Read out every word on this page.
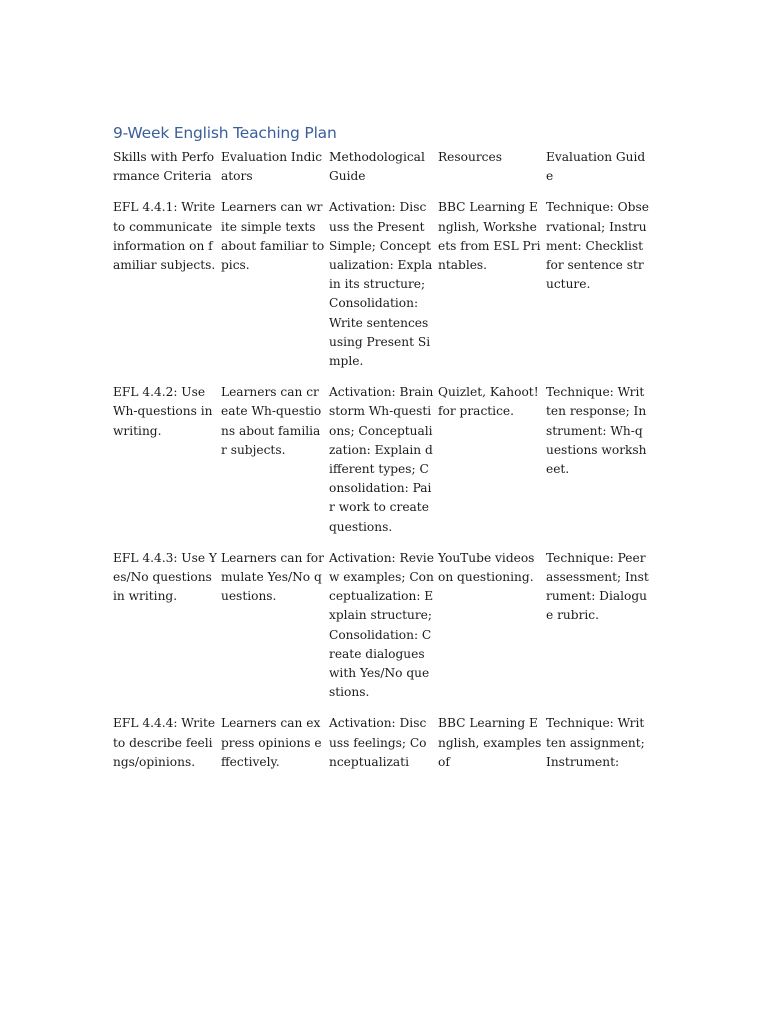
9-Week English Teaching Plan
Skills with Performance Criteria	Evaluation Indicators	Methodological Guide	Resources	Evaluation Guide
EFL 4.4.1: Write to communicate information on familiar subjects.	Learners can write simple texts about familiar topics.	Activation: Discuss the Present Simple; Conceptualization: Explain its structure; Consolidation: Write sentences using Present Simple.	BBC Learning English, Worksheets from ESL Printables.	Technique: Observational; Instrument: Checklist for sentence structure.
EFL 4.4.2: Use Wh-questions in writing.	Learners can create Wh-questions about familiar subjects.	Activation: Brainstorm Wh-questions; Conceptualization: Explain different types; Consolidation: Pair work to create questions.	Quizlet, Kahoot! for practice.	Technique: Written response; Instrument: Wh-questions worksheet.
EFL 4.4.3: Use Yes/No questions in writing.	Learners can formulate Yes/No questions.	Activation: Review examples; Conceptualization: Explain structure; Consolidation: Create dialogues with Yes/No questions.	YouTube videos on questioning.	Technique: Peer assessment; Instrument: Dialogue rubric.
EFL 4.4.4: Write to describe feelings/opinions.	Learners can express opinions effectively.	Activation: Discuss feelings; Conceptualizati	BBC Learning English, examples of	Technique: Written assignment; Instrument:
